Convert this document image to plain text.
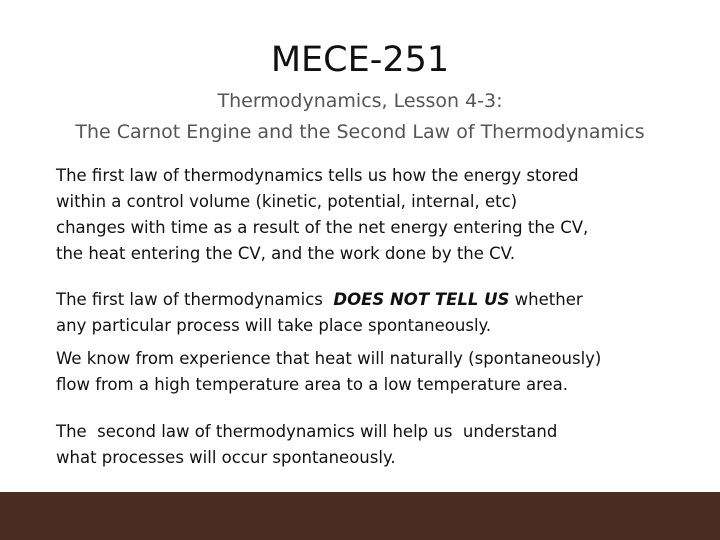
MECE-251
Thermodynamics, Lesson 4-3:
The Carnot Engine and the Second Law of Thermodynamics
The first law of thermodynamics tells us how the energy stored
within a control volume (kinetic, potential, internal, etc)
changes with time as a result of the net energy entering the CV,
the heat entering the CV, and the work done by the CV.
The first law of thermodynamics  DOES NOT TELL US whether
any particular process will take place spontaneously.
We know from experience that heat will naturally (spontaneously)
flow from a high temperature area to a low temperature area.
The  second law of thermodynamics will help us  understand
what processes will occur spontaneously.
